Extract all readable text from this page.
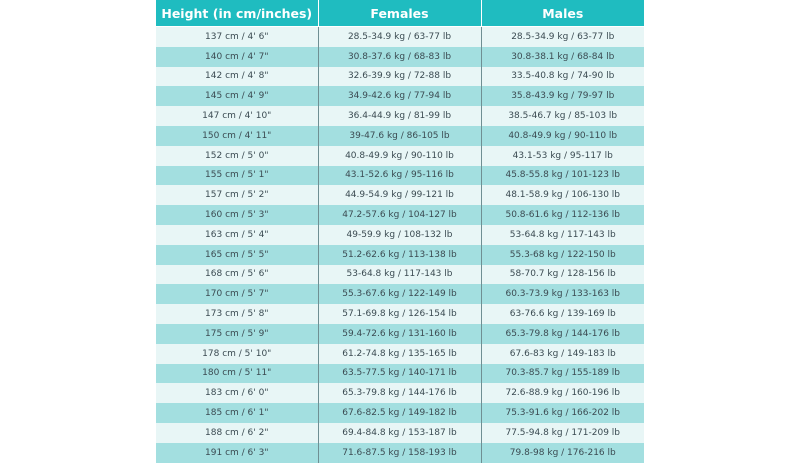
Height (in cm/inches)	Females	Males
137 cm / 4' 6"	28.5-34.9 kg / 63-77 lb	28.5-34.9 kg / 63-77 lb
140 cm / 4' 7"	30.8-37.6 kg / 68-83 lb	30.8-38.1 kg / 68-84 lb
142 cm / 4' 8"	32.6-39.9 kg / 72-88 lb	33.5-40.8 kg / 74-90 lb
145 cm / 4' 9"	34.9-42.6 kg / 77-94 lb	35.8-43.9 kg / 79-97 lb
147 cm / 4' 10"	36.4-44.9 kg / 81-99 lb	38.5-46.7 kg / 85-103 lb
150 cm / 4' 11"	39-47.6 kg / 86-105 lb	40.8-49.9 kg / 90-110 lb
152 cm / 5' 0"	40.8-49.9 kg / 90-110 lb	43.1-53 kg / 95-117 lb
155 cm / 5' 1"	43.1-52.6 kg / 95-116 lb	45.8-55.8 kg / 101-123 lb
157 cm / 5' 2"	44.9-54.9 kg / 99-121 lb	48.1-58.9 kg / 106-130 lb
160 cm / 5' 3"	47.2-57.6 kg / 104-127 lb	50.8-61.6 kg / 112-136 lb
163 cm / 5' 4"	49-59.9 kg / 108-132 lb	53-64.8 kg / 117-143 lb
165 cm / 5' 5"	51.2-62.6 kg / 113-138 lb	55.3-68 kg / 122-150 lb
168 cm / 5' 6"	53-64.8 kg / 117-143 lb	58-70.7 kg / 128-156 lb
170 cm / 5' 7"	55.3-67.6 kg / 122-149 lb	60.3-73.9 kg / 133-163 lb
173 cm / 5' 8"	57.1-69.8 kg / 126-154 lb	63-76.6 kg / 139-169 lb
175 cm / 5' 9"	59.4-72.6 kg / 131-160 lb	65.3-79.8 kg / 144-176 lb
178 cm / 5' 10"	61.2-74.8 kg / 135-165 lb	67.6-83 kg / 149-183 lb
180 cm / 5' 11"	63.5-77.5 kg / 140-171 lb	70.3-85.7 kg / 155-189 lb
183 cm / 6' 0"	65.3-79.8 kg / 144-176 lb	72.6-88.9 kg / 160-196 lb
185 cm / 6' 1"	67.6-82.5 kg / 149-182 lb	75.3-91.6 kg / 166-202 lb
188 cm / 6' 2"	69.4-84.8 kg / 153-187 lb	77.5-94.8 kg / 171-209 lb
191 cm / 6' 3"	71.6-87.5 kg / 158-193 lb	79.8-98 kg / 176-216 lb
